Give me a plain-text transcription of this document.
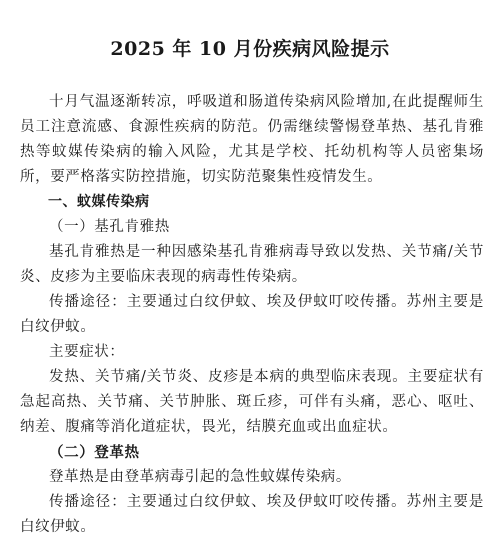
2025 年 10 月份疾病风险提示

十月气温逐渐转凉，呼吸道和肠道传染病风险增加,在此提醒师生员工注意流感、食源性疾病的防范。仍需继续警惕登革热、基孔肯雅热等蚊媒传染病的输入风险，尤其是学校、托幼机构等人员密集场所，要严格落实防控措施，切实防范聚集性疫情发生。

一、蚊媒传染病

（一）基孔肯雅热

基孔肯雅热是一种因感染基孔肯雅病毒导致以发热、关节痛/关节炎、皮疹为主要临床表现的病毒性传染病。

传播途径：主要通过白纹伊蚊、埃及伊蚊叮咬传播。苏州主要是白纹伊蚊。

主要症状：

发热、关节痛/关节炎、皮疹是本病的典型临床表现。主要症状有急起高热、关节痛、关节肿胀、斑丘疹，可伴有头痛，恶心、呕吐、纳差、腹痛等消化道症状，畏光，结膜充血或出血症状。

（二）登革热

登革热是由登革病毒引起的急性蚊媒传染病。

传播途径：主要通过白纹伊蚊、埃及伊蚊叮咬传播。苏州主要是白纹伊蚊。
